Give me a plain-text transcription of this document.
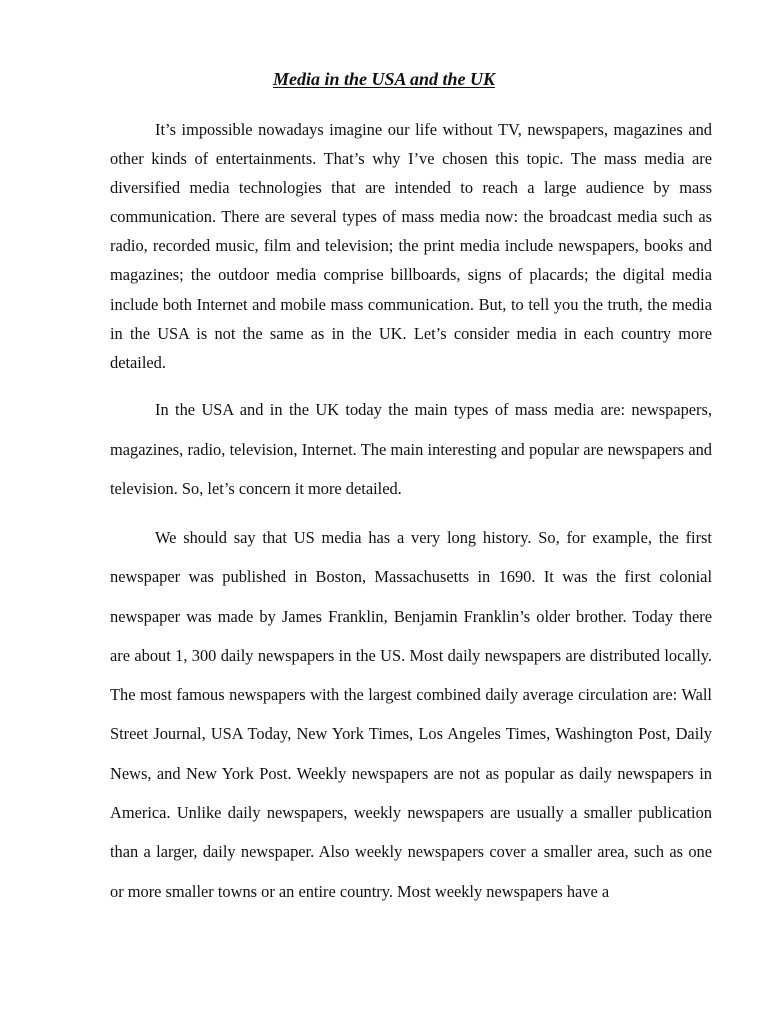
Media in the USA and the UK

It’s impossible nowadays imagine our life without TV, newspapers, magazines and other kinds of entertainments. That’s why I’ve chosen this topic. The mass media are diversified media technologies that are intended to reach a large audience by mass communication. There are several types of mass media now: the broadcast media such as radio, recorded music, film and television; the print media include newspapers, books and magazines; the outdoor media comprise billboards, signs of placards; the digital media include both Internet and mobile mass communication. But, to tell you the truth, the media in the USA is not the same as in the UK. Let’s consider media in each country more detailed.

In the USA and in the UK today the main types of mass media are: newspapers, magazines, radio, television, Internet. The main interesting and popular are newspapers and television. So, let’s concern it more detailed.

We should say that US media has a very long history. So, for example, the first newspaper was published in Boston, Massachusetts in 1690. It was the first colonial newspaper was made by James Franklin, Benjamin Franklin’s older brother. Today there are about 1, 300 daily newspapers in the US. Most daily newspapers are distributed locally. The most famous newspapers with the largest combined daily average circulation are: Wall Street Journal, USA Today, New York Times, Los Angeles Times, Washington Post, Daily News, and New York Post. Weekly newspapers are not as popular as daily newspapers in America. Unlike daily newspapers, weekly newspapers are usually a smaller publication than a larger, daily newspaper. Also weekly newspapers cover a smaller area, such as one or more smaller towns or an entire country. Most weekly newspapers have a
